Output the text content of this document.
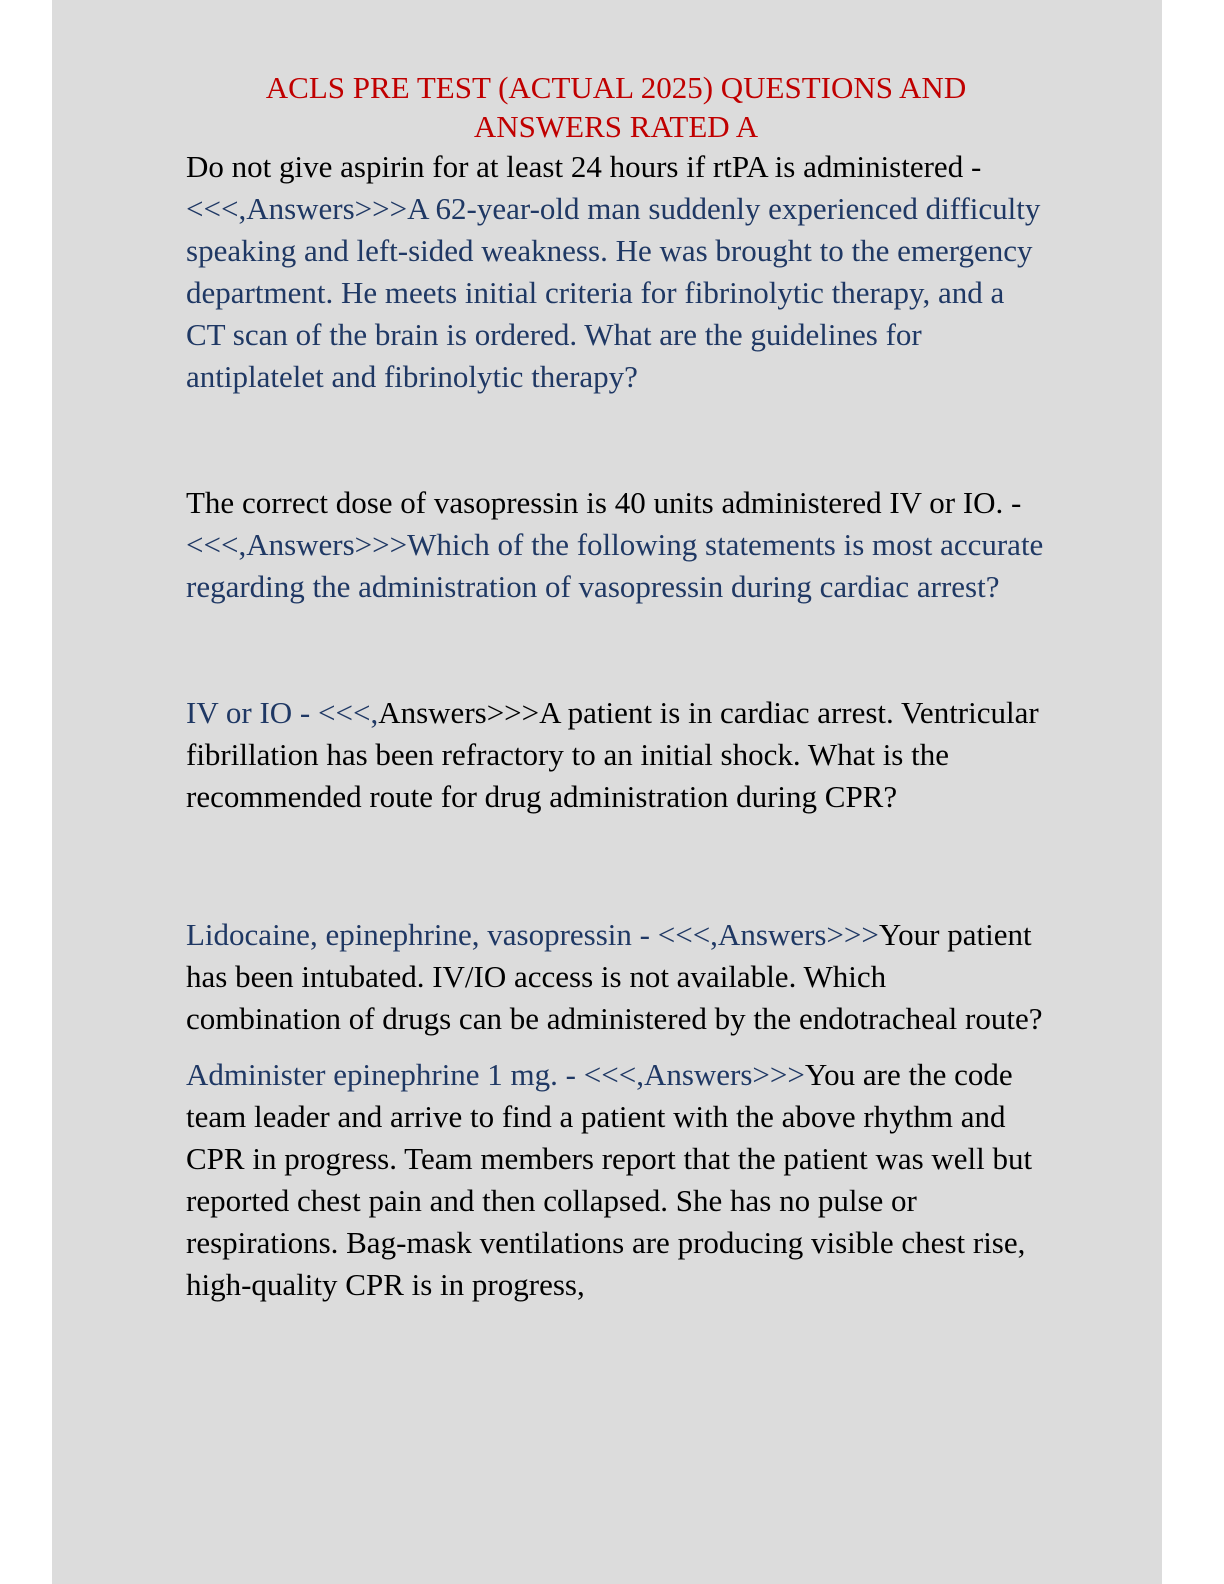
ACLS PRE TEST (ACTUAL 2025) QUESTIONS AND
ANSWERS RATED A

Do not give aspirin for at least 24 hours if rtPA is administered - <<<,Answers>>>A 62-year-old man suddenly experienced difficulty speaking and left-sided weakness. He was brought to the emergency department. He meets initial criteria for fibrinolytic therapy, and a CT scan of the brain is ordered. What are the guidelines for antiplatelet and fibrinolytic therapy?

The correct dose of vasopressin is 40 units administered IV or IO. - <<<,Answers>>>Which of the following statements is most accurate regarding the administration of vasopressin during cardiac arrest?

IV or IO - <<<,Answers>>>A patient is in cardiac arrest. Ventricular fibrillation has been refractory to an initial shock. What is the recommended route for drug administration during CPR?

Lidocaine, epinephrine, vasopressin - <<<,Answers>>>Your patient has been intubated. IV/IO access is not available. Which combination of drugs can be administered by the endotracheal route?

Administer epinephrine 1 mg. - <<<,Answers>>>You are the code team leader and arrive to find a patient with the above rhythm and CPR in progress. Team members report that the patient was well but reported chest pain and then collapsed. She has no pulse or respirations. Bag-mask ventilations are producing visible chest rise, high-quality CPR is in progress,
